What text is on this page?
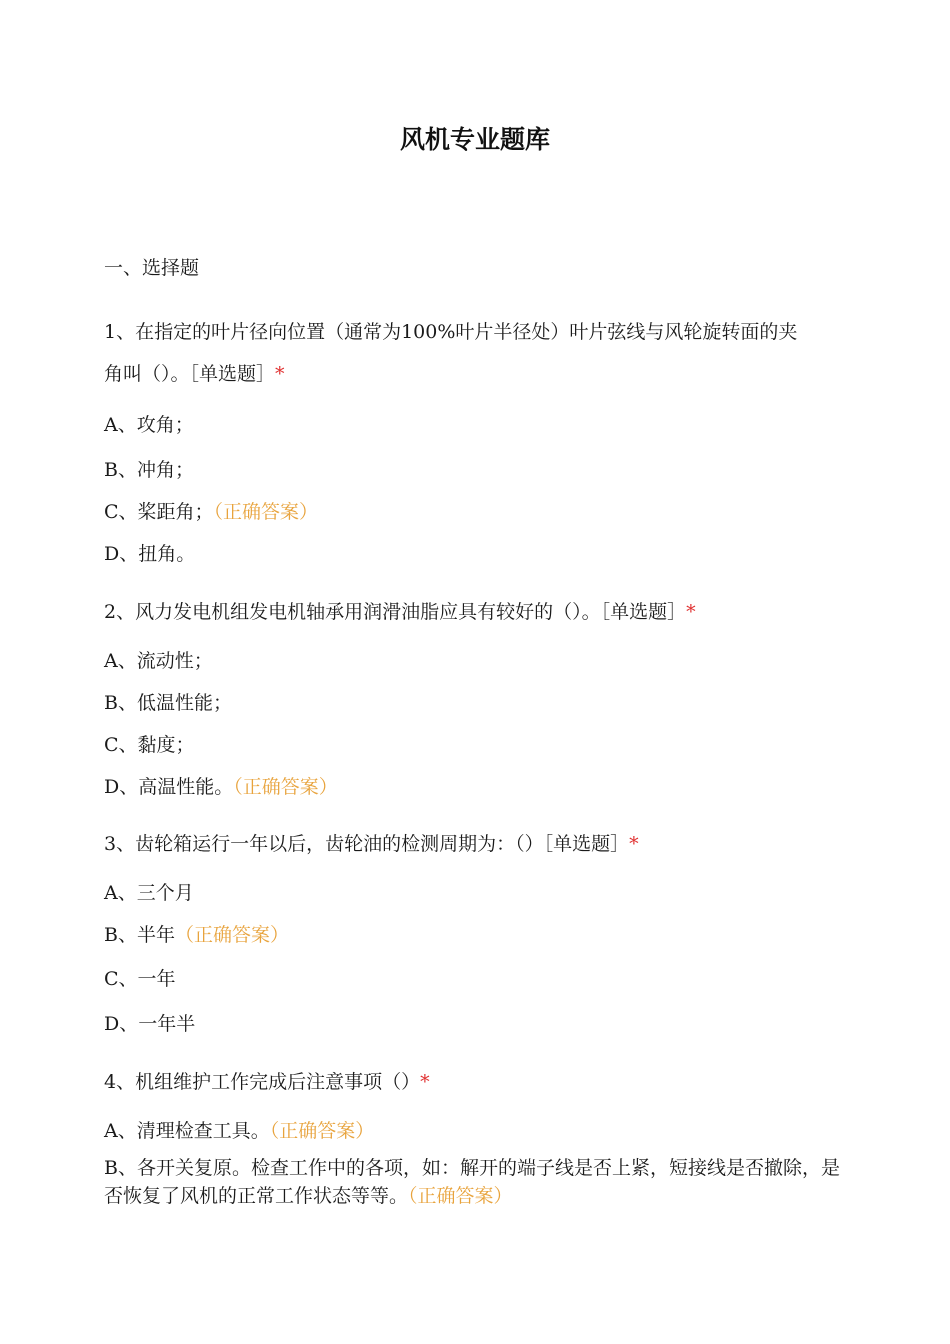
风机专业题库
一、选择题
1、在指定的叶片径向位置（通常为100%叶片半径处）叶片弦线与风轮旋转面的夹
角叫（）。［单选题］*
A、攻角；
B、冲角；
C、桨距角；（正确答案）
D、扭角。
2、风力发电机组发电机轴承用润滑油脂应具有较好的（）。［单选题］*
A、流动性；
B、低温性能；
C、黏度；
D、高温性能。（正确答案）
3、齿轮箱运行一年以后，齿轮油的检测周期为：（）［单选题］*
A、三个月
B、半年（正确答案）
C、一年
D、一年半
4、机组维护工作完成后注意事项（）*
A、清理检查工具。（正确答案）
B、各开关复原。检查工作中的各项，如：解开的端子线是否上紧，短接线是否撤除，是否恢复了风机的正常工作状态等等。（正确答案）
